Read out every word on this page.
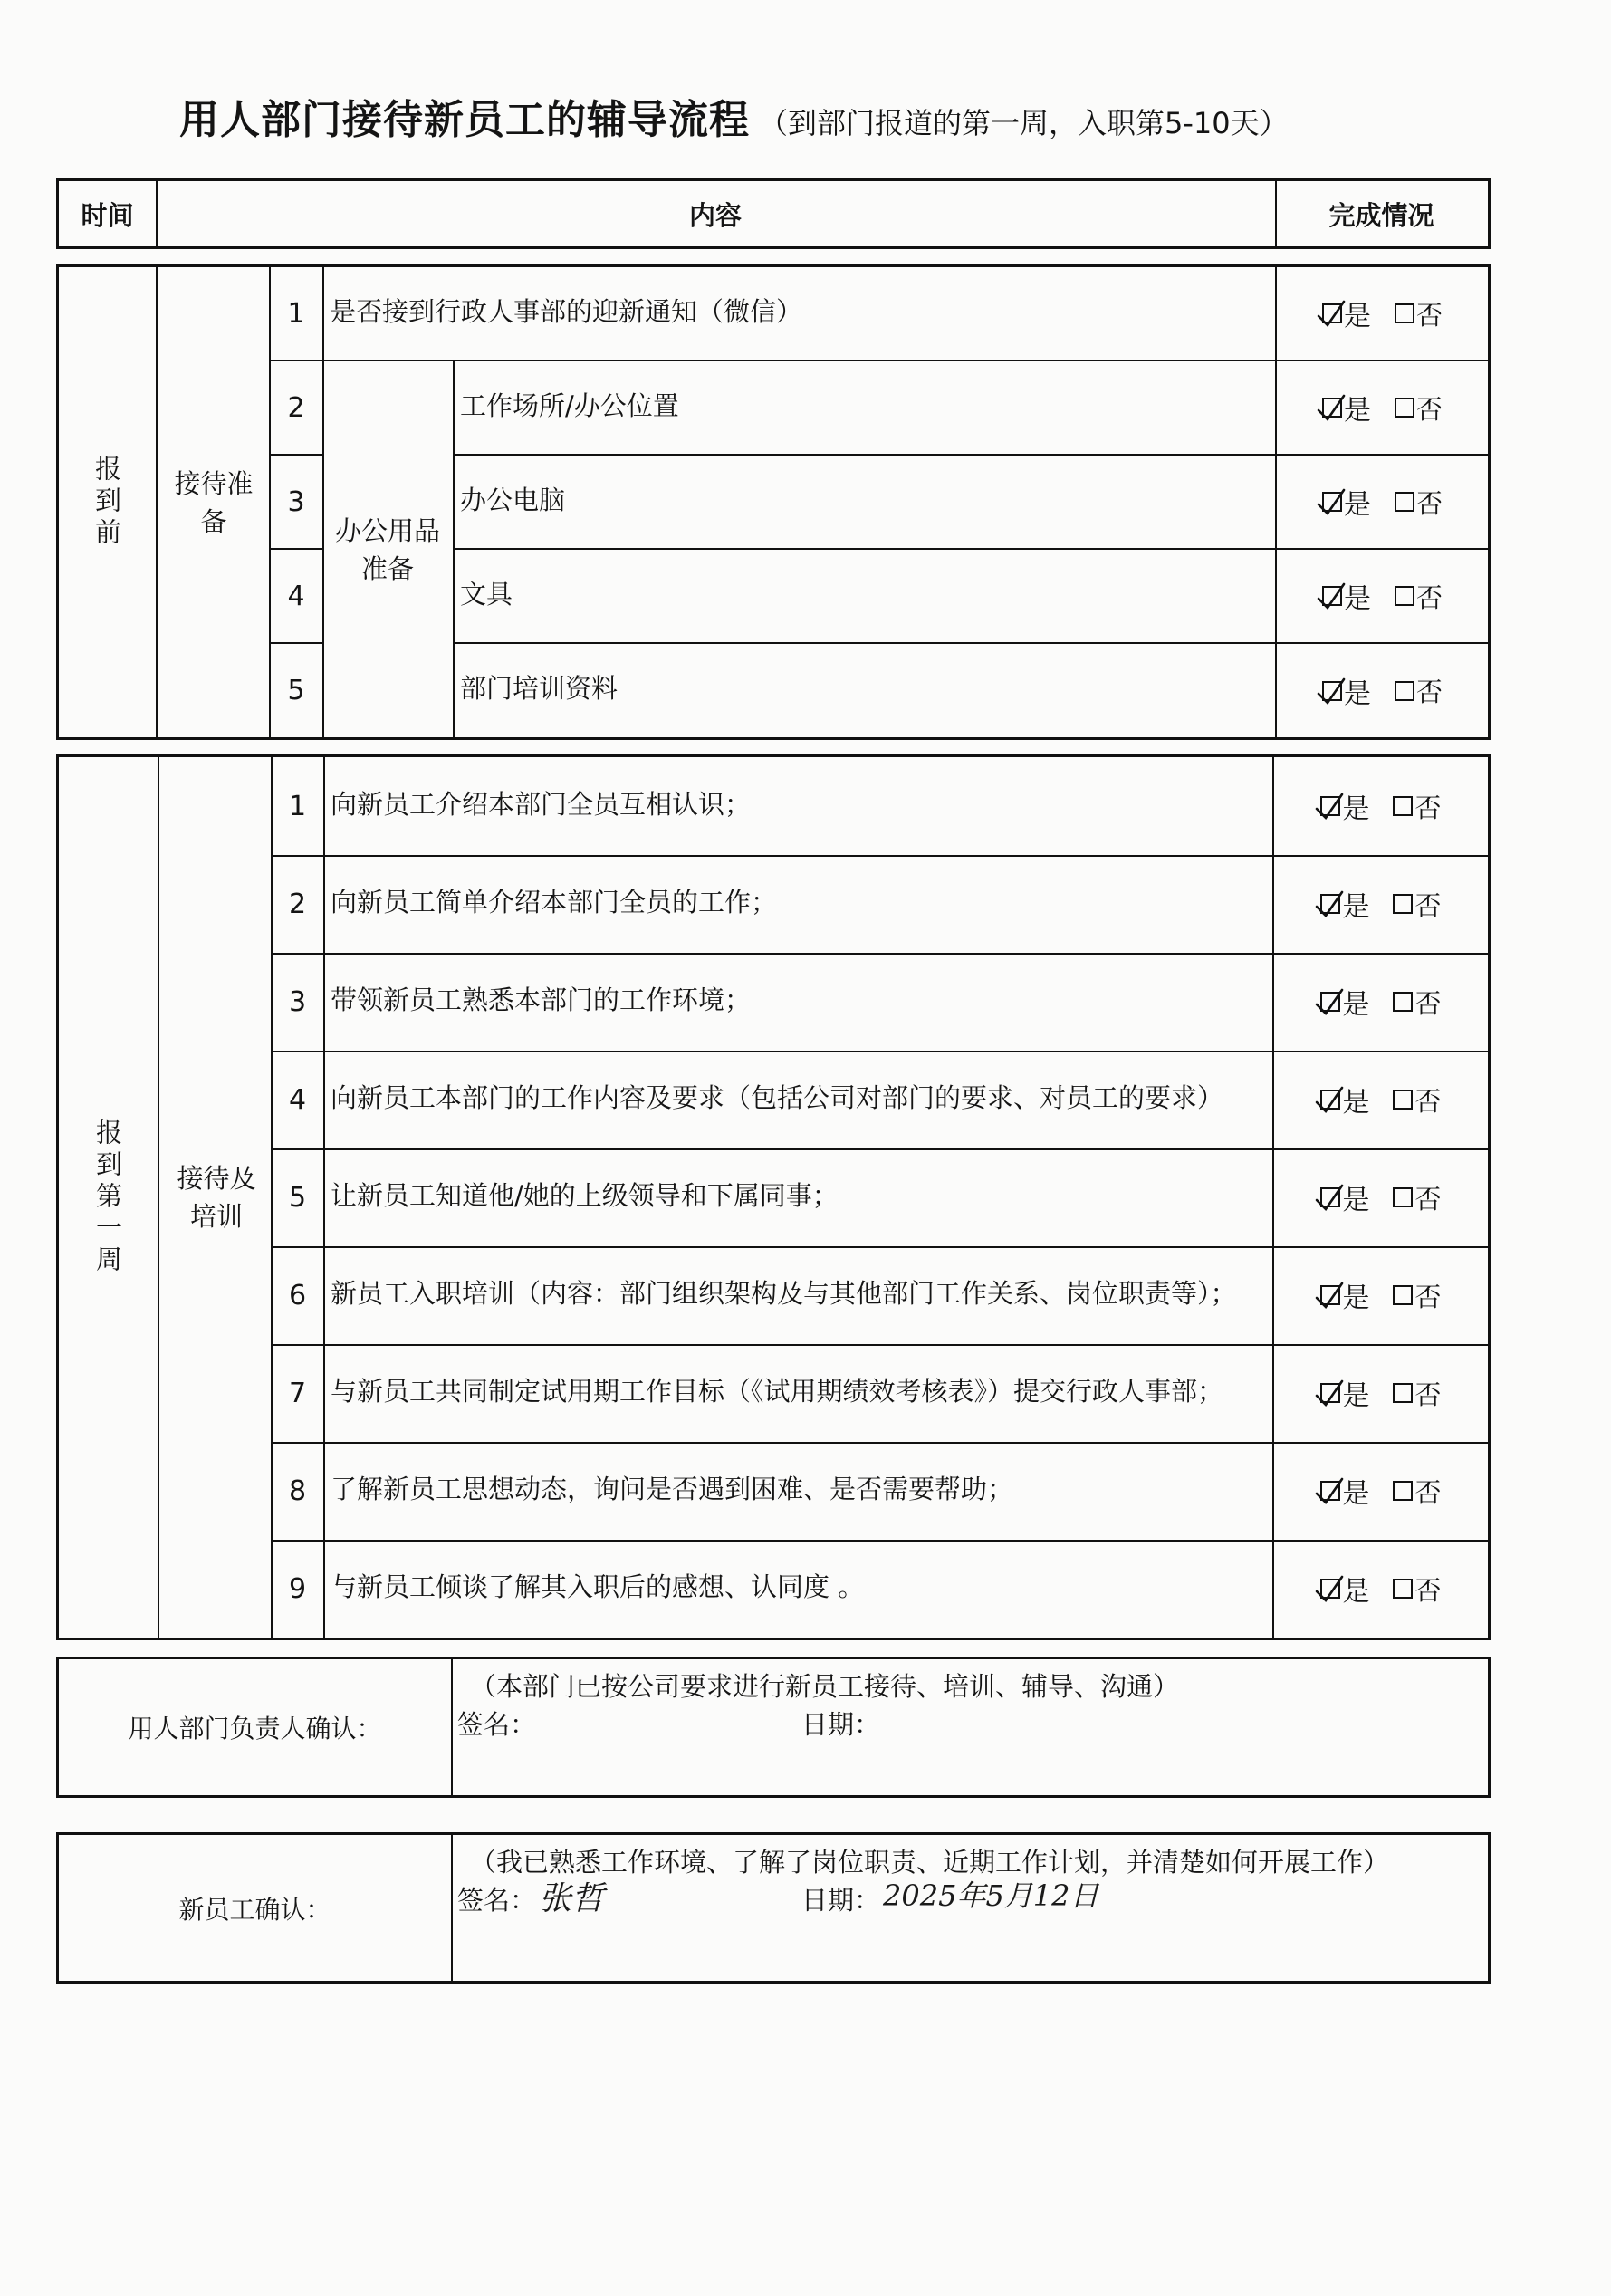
用人部门接待新员工的辅导流程 （到部门报道的第一周，入职第5-10天）
时间	内容	完成情况
报到前	接待准备	办公用品准备
1 是否接到行政人事部的迎新通知（微信）	是 否
2	工作场所/办公位置	是 否
3	办公电脑	是 否
4	文具	是 否
5	部门培训资料	是 否
报到第一周	接待及培训
1 向新员工介绍本部门全员互相认识；	是 否
2 向新员工简单介绍本部门全员的工作；	是 否
3 带领新员工熟悉本部门的工作环境；	是 否
4 向新员工本部门的工作内容及要求（包括公司对部门的要求、对员工的要求）	是 否
5 让新员工知道他/她的上级领导和下属同事；	是 否
6 新员工入职培训（内容：部门组织架构及与其他部门工作关系、岗位职责等）；	是 否
7 与新员工共同制定试用期工作目标（《试用期绩效考核表》）提交行政人事部；	是 否
8 了解新员工思想动态，询问是否遇到困难、是否需要帮助；	是 否
9 与新员工倾谈了解其入职后的感想、认同度 。	是 否
用人部门负责人确认：
（本部门已按公司要求进行新员工接待、培训、辅导、沟通）
签名：	日期：
新员工确认：
（我已熟悉工作环境、了解了岗位职责、近期工作计划，并清楚如何开展工作）
签名： 张哲	日期： 2025年5月12日
